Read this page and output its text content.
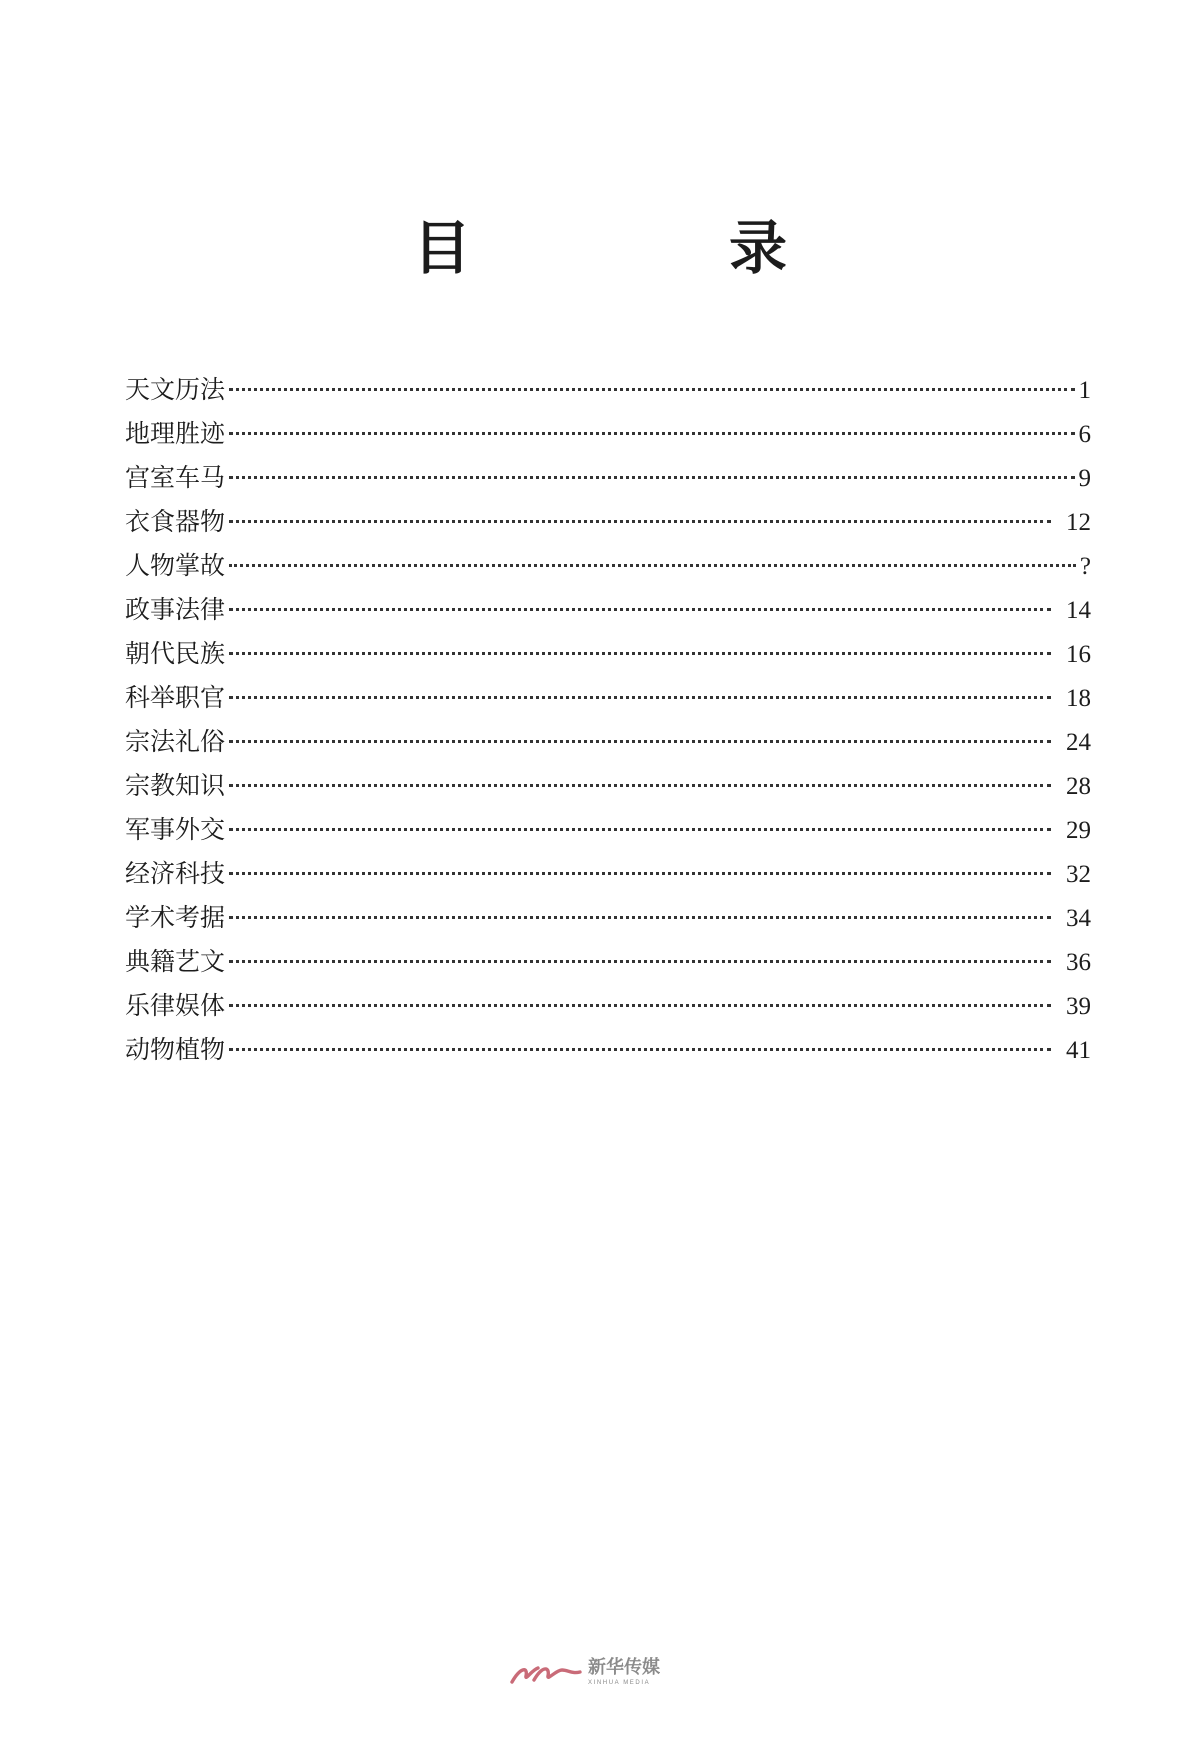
目　录
天文历法	1
地理胜迹	6
宫室车马	9
衣食器物	12
人物掌故	?
政事法律	14
朝代民族	16
科举职官	18
宗法礼俗	24
宗教知识	28
军事外交	29
经济科技	32
学术考据	34
典籍艺文	36
乐律娱体	39
动物植物	41
新华传媒
XINHUA MEDIA
